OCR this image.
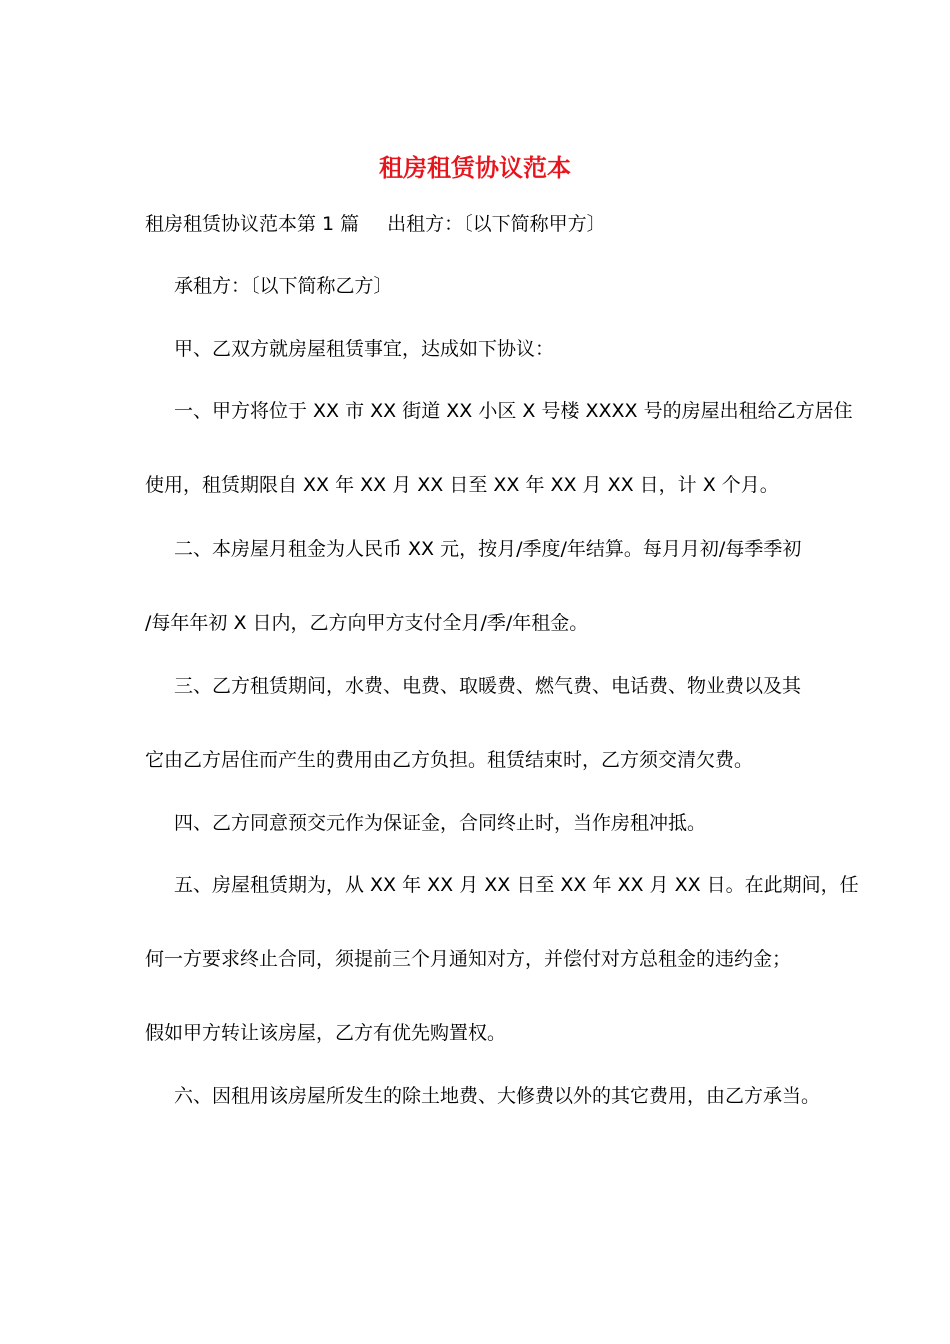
租房租赁协议范本

租房租赁协议范本第 1 篇 出租方：〔以下简称甲方〕

承租方：〔以下简称乙方〕

甲、乙双方就房屋租赁事宜，达成如下协议：

一、甲方将位于 XX 市 XX 街道 XX 小区 X 号楼 XXXX 号的房屋出租给乙方居住

使用，租赁期限自 XX 年 XX 月 XX 日至 XX 年 XX 月 XX 日，计 X 个月。

二、本房屋月租金为人民币 XX 元，按月/季度/年结算。每月月初/每季季初

/每年年初 X 日内，乙方向甲方支付全月/季/年租金。

三、乙方租赁期间，水费、电费、取暖费、燃气费、电话费、物业费以及其

它由乙方居住而产生的费用由乙方负担。租赁结束时，乙方须交清欠费。

四、乙方同意预交元作为保证金，合同终止时，当作房租冲抵。

五、房屋租赁期为，从 XX 年 XX 月 XX 日至 XX 年 XX 月 XX 日。在此期间，任

何一方要求终止合同，须提前三个月通知对方，并偿付对方总租金的违约金；

假如甲方转让该房屋，乙方有优先购置权。

六、因租用该房屋所发生的除土地费、大修费以外的其它费用，由乙方承当。
